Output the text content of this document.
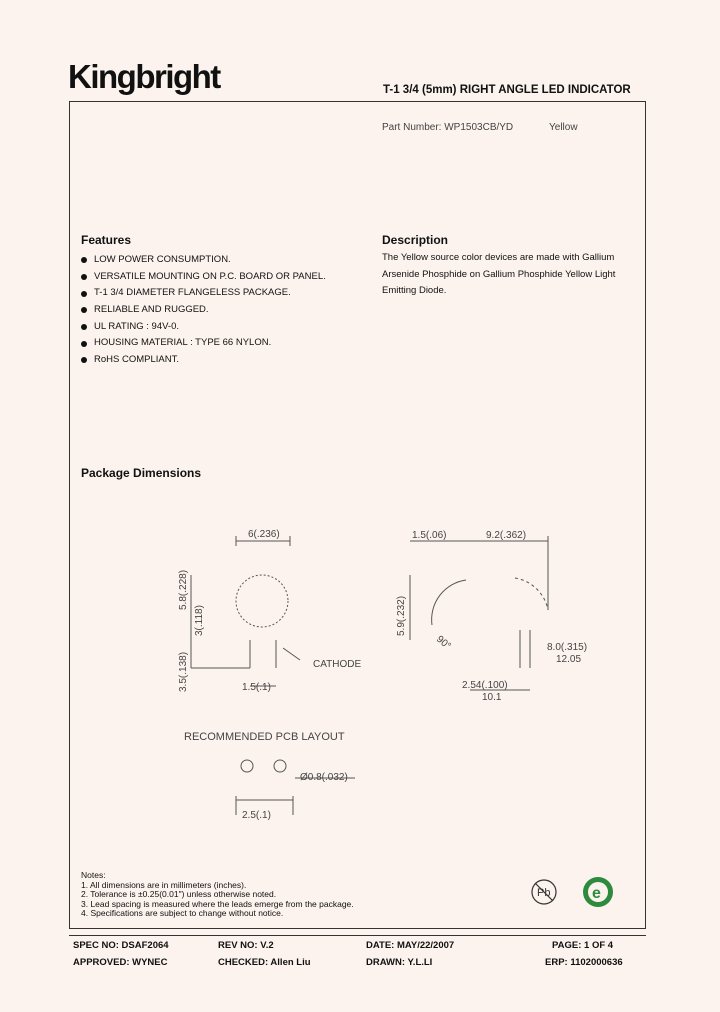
Kingbright	T-1 3/4 (5mm) RIGHT ANGLE LED INDICATOR
Part Number: WP1503CB/YD	Yellow
Features
LOW POWER CONSUMPTION.
VERSATILE MOUNTING ON P.C. BOARD OR PANEL.
T-1 3/4 DIAMETER FLANGELESS PACKAGE.
RELIABLE AND RUGGED.
UL RATING : 94V-0.
HOUSING MATERIAL : TYPE 66 NYLON.
RoHS COMPLIANT.
Description
The Yellow source color devices are made with Gallium
Arsenide Phosphide on Gallium Phosphide Yellow Light
Emitting Diode.
Package Dimensions
6(.236)
3(.118)
5.8(.228)
3.5(.138)	1.5(.1)
CATHODE
1.5(.06)	9.2(.362)
5.9(.232)
90°	8.0(.315)
12.05
2.54(.100)
10.1
RECOMMENDED PCB LAYOUT
Ø0.8(.032)
2.5(.1)
Notes:
1. All dimensions are in millimeters (inches).
2. Tolerance is ±0.25(0.01") unless otherwise noted.
3. Lead spacing is measured where the leads emerge from the package.
4. Specifications are subject to change without notice.
Pb	e
SPEC NO: DSAF2064	REV NO: V.2	DATE: MAY/22/2007	PAGE: 1 OF 4
APPROVED: WYNEC	CHECKED: Allen Liu	DRAWN: Y.L.LI	ERP: 1102000636
